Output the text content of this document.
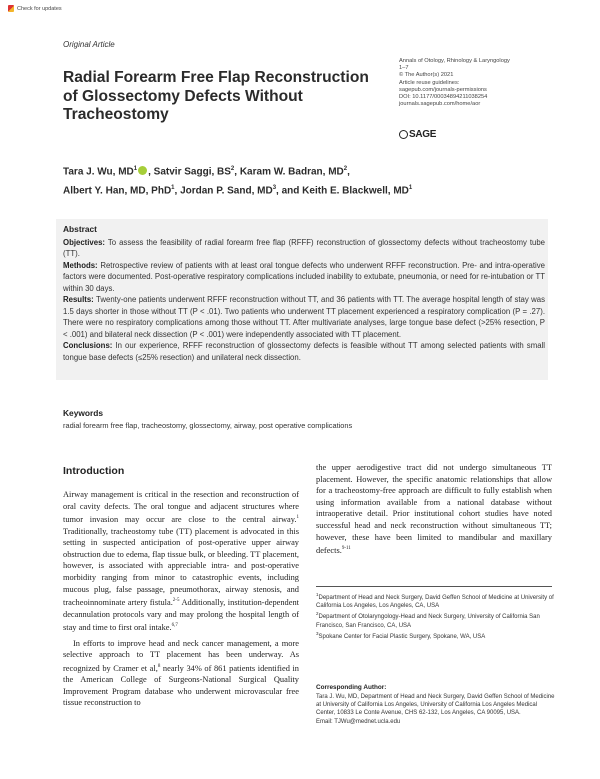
Check for updates
Original Article
Radial Forearm Free Flap Reconstruction of Glossectomy Defects Without Tracheostomy
Annals of Otology, Rhinology & Laryngology
1–7
© The Author(s) 2021
Article reuse guidelines:
sagepub.com/journals-permissions
DOI: 10.1177/00034894211038254
journals.sagepub.com/home/aor
SAGE
Tara J. Wu, $MD^1$ , Satvir Saggi, $BS^2$, Karam W. Badran, $MD^2$,
Albert Y. Han, MD, PhD$^1$, Jordan P. Sand, $MD^3$, and Keith E. Blackwell, $MD^1$
Abstract

Objectives: To assess the feasibility of radial forearm free flap (RFFF) reconstruction of glossectomy defects without tracheostomy tube (TT).

Methods: Retrospective review of patients with at least oral tongue defects who underwent RFFF reconstruction. Pre- and intra-operative factors were documented. Post-operative respiratory complications included inability to extubate, pneumonia, or need for re-intubation or TT within 30 days.

Results: Twenty-one patients underwent RFFF reconstruction without TT, and 36 patients with TT. The average hospital length of stay was 1.5 days shorter in those without TT (P < .01). Two patients who underwent TT placement experienced a respiratory complication (P = .27). There were no respiratory complications among those without TT. After multivariate analyses, large tongue base defect (>25% resection, P < .001) and bilateral neck dissection (P < .001) were independently associated with TT placement.

Conclusions: In our experience, RFFF reconstruction of glossectomy defects is feasible without TT among selected patients with small tongue base defects (≤25% resection) and unilateral neck dissection.

Keywords
radial forearm free flap, tracheostomy, glossectomy, airway, post operative complications
Introduction

Airway management is critical in the resection and reconstruction of oral cavity defects. The oral tongue and adjacent structures where tumor invasion may occur are close to the central airway.$^1$ Traditionally, tracheostomy tube (TT) placement is advocated in this setting in suspected anticipation of post-operative upper airway obstruction due to edema, flap tissue bulk, or bleeding. TT placement, however, is associated with appreciable intra- and post-operative morbidity ranging from minor to catastrophic events, including mucous plug, false passage, pneumothorax, airway stenosis, and tracheoinnominate artery fistula.$^{2-5}$ Additionally, institution-dependent decannulation protocols vary and may prolong the hospital length of stay and time to first oral intake.$^{6,7}$

In efforts to improve head and neck cancer management, a more selective approach to TT placement has been underway. As recognized by Cramer et al,$^8$ nearly 34% of 861 patients identified in the American College of Surgeons-National Surgical Quality Improvement Program database who underwent microvascular free tissue reconstruction to

the upper aerodigestive tract did not undergo simultaneous TT placement. However, the specific anatomic relationships that allow for a tracheostomy-free approach are difficult to fully establish when using information available from a national database without intraoperative detail. Prior institutional cohort studies have noted successful head and neck reconstruction without simultaneous TT; however, these have been limited to mandibular and maxillary defects.$^{9-11}$

$^1$Department of Head and Neck Surgery, David Geffen School of Medicine at University of California Los Angeles, Los Angeles, CA, USA

$^2$Department of Otolaryngology-Head and Neck Surgery, University of California San Francisco, San Francisco, CA, USA

$^3$Spokane Center for Facial Plastic Surgery, Spokane, WA, USA

Corresponding Author:

Tara J. Wu, MD, Department of Head and Neck Surgery, David Geffen School of Medicine at University of California Los Angeles, University of California Los Angeles Medical Center, 10833 Le Conte Avenue, CHS 62-132, Los Angeles, CA 90095, USA.

Email: TJWu@mednet.ucla.edu
